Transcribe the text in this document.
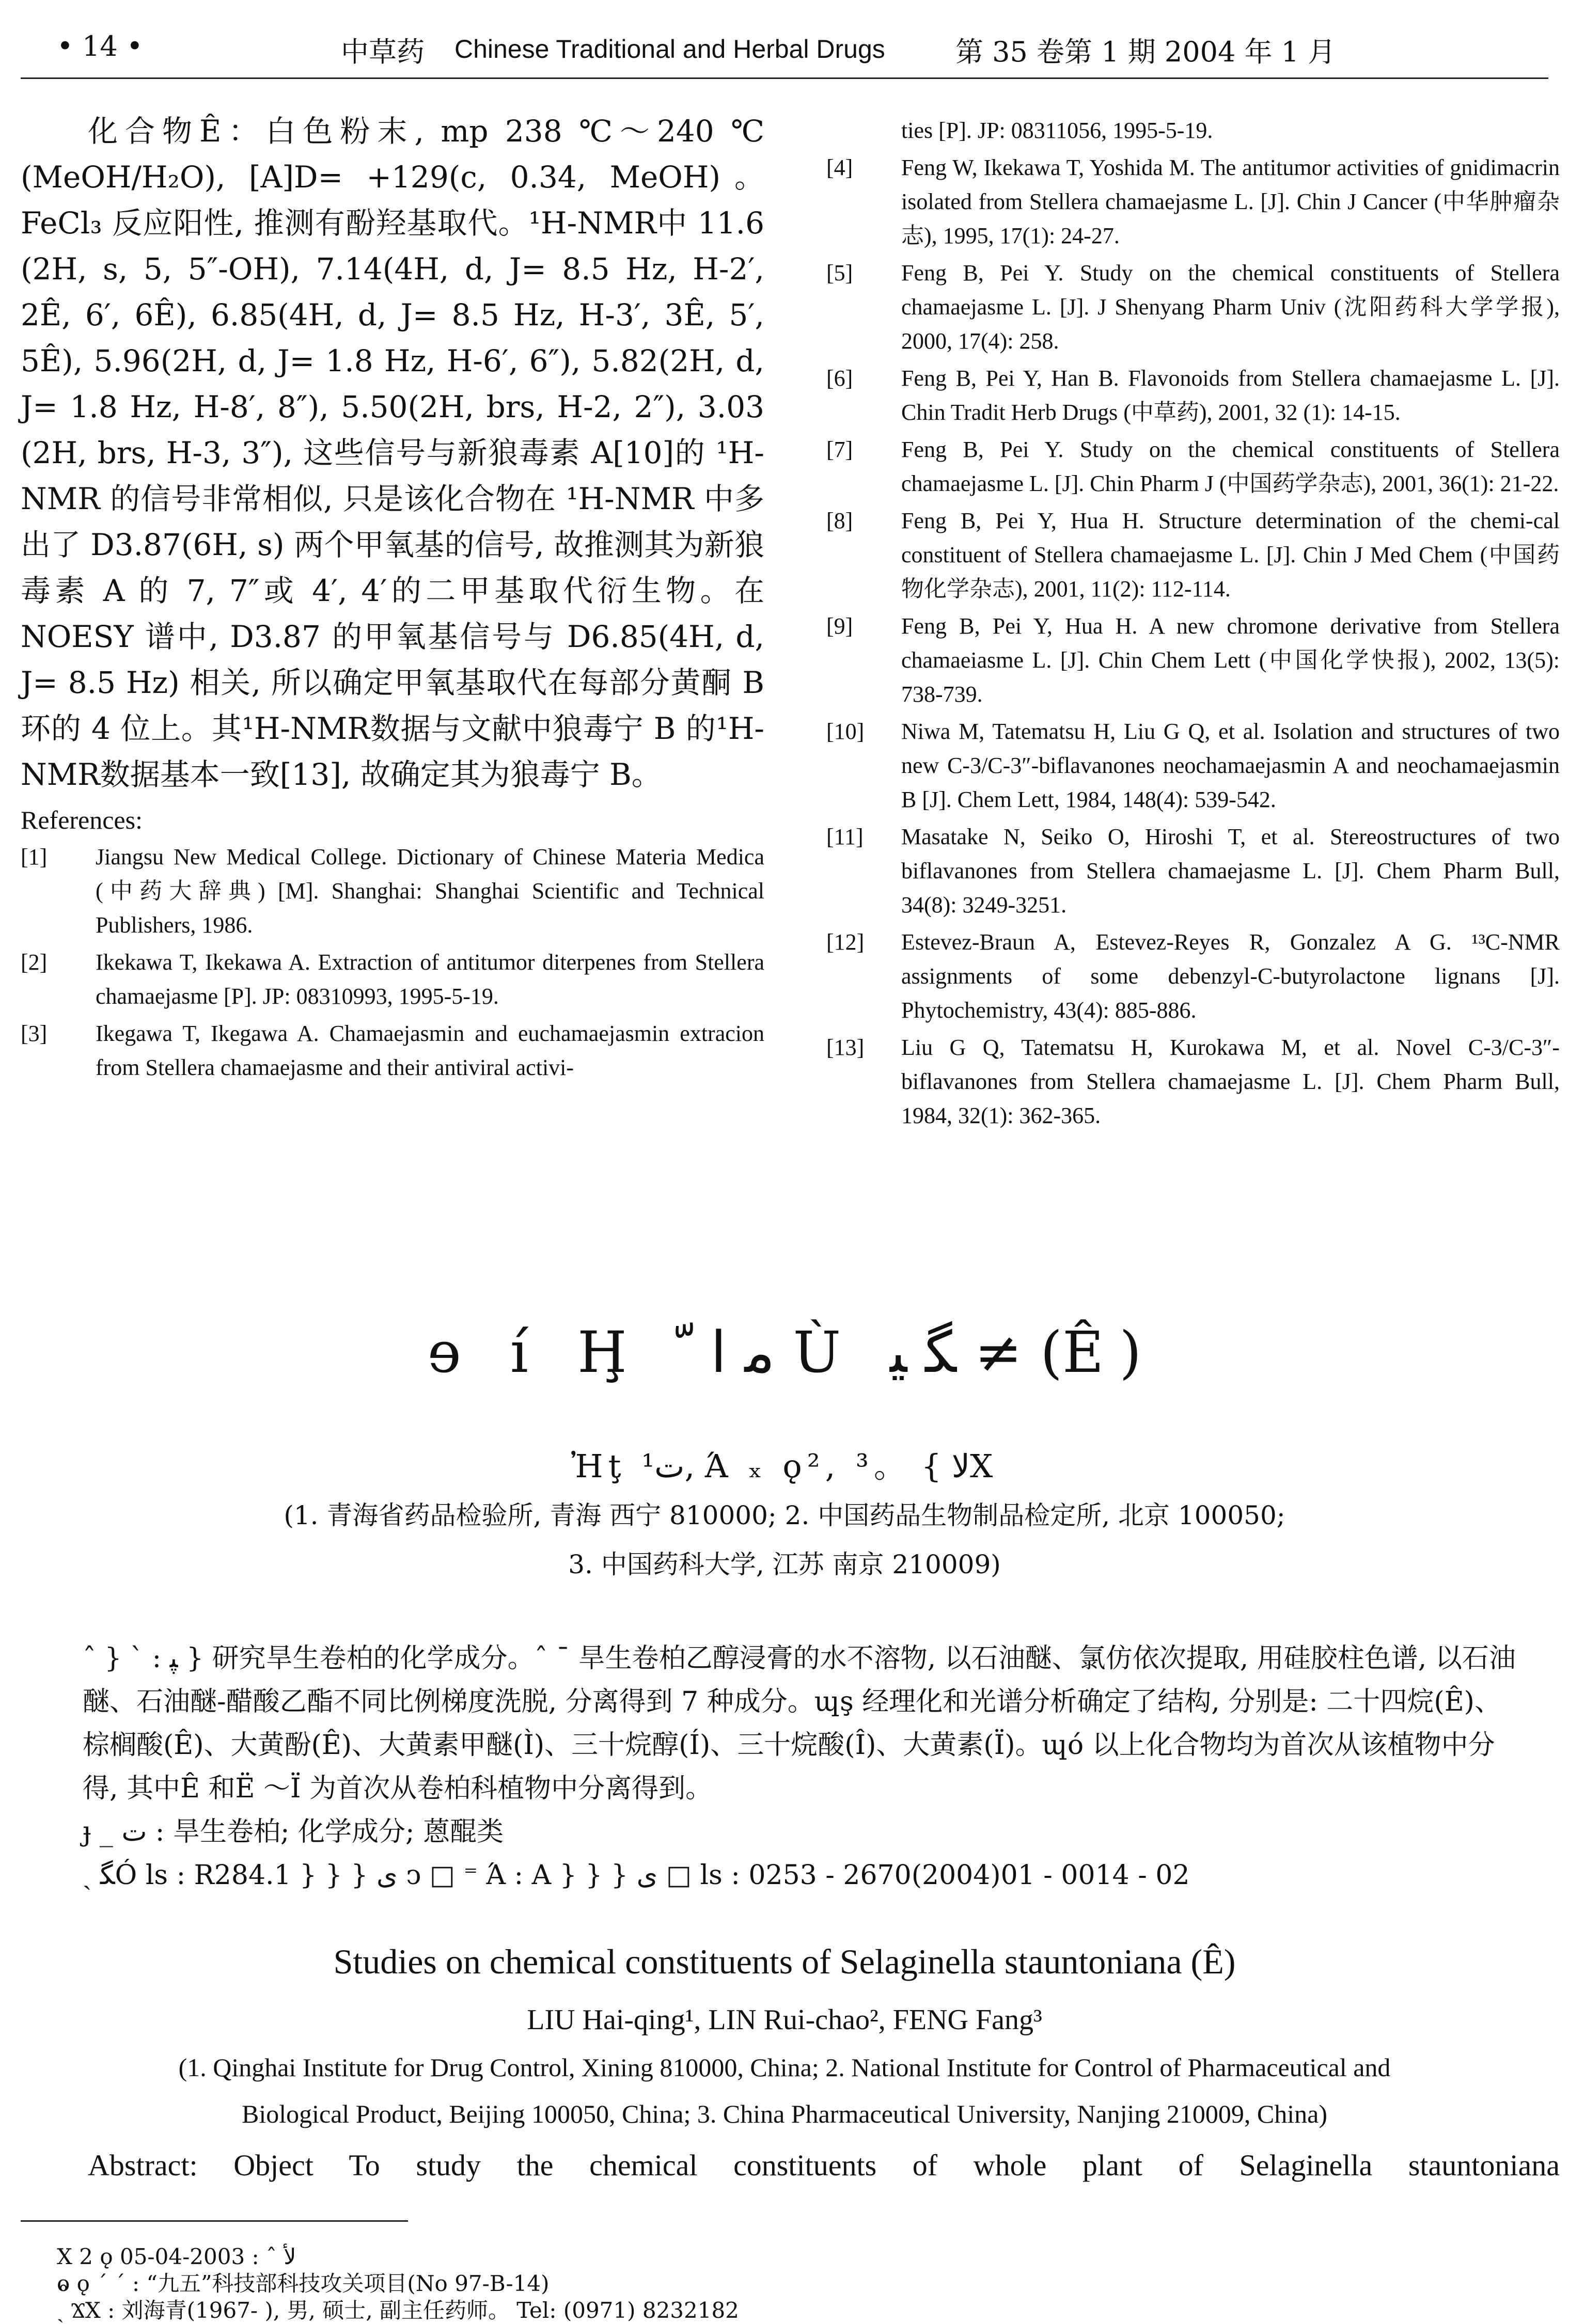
• 14 •	中草药 Chinese Traditional and Herbal Drugs	第 35 卷第 1 期 2004 年 1 月

化合物Ê：白色粉末, mp 238 ℃～240 ℃ (MeOH/H₂O), [A]D= +129(c, 0.34, MeOH)。FeCl₃ 反应阳性, 推测有酚羟基取代。¹H-NMR中 11.6 (2H, s, 5, 5″-OH), 7.14(4H, d, J= 8.5 Hz, H-2′, 2Ê, 6′, 6Ê), 6.85(4H, d, J= 8.5 Hz, H-3′, 3Ê, 5′, 5Ê), 5.96(2H, d, J= 1.8 Hz, H-6′, 6″), 5.82(2H, d, J= 1.8 Hz, H-8′, 8″), 5.50(2H, brs, H-2, 2″), 3.03 (2H, brs, H-3, 3″), 这些信号与新狼毒素 A[10]的 ¹H-NMR 的信号非常相似, 只是该化合物在 ¹H-NMR 中多出了 D3.87(6H, s) 两个甲氧基的信号, 故推测其为新狼毒素 A 的 7, 7″或 4′, 4′的二甲基取代衍生物。在 NOESY 谱中, D3.87 的甲氧基信号与 D6.85(4H, d, J= 8.5 Hz) 相关, 所以确定甲氧基取代在每部分黄酮 B 环的 4 位上。其¹H-NMR数据与文献中狼毒宁 B 的¹H-NMR数据基本一致[13], 故确定其为狼毒宁 B。

References:

[1] Jiangsu New Medical College. Dictionary of Chinese Materia Medica (中药大辞典) [M]. Shanghai: Shanghai Scientific and Technical Publishers, 1986.

[2] Ikekawa T, Ikekawa A. Extraction of antitumor diterpenes from Stellera chamaejasme [P]. JP: 08310993, 1995-5-19.

[3] Ikegawa T, Ikegawa A. Chamaejasmin and euchamaejasmin extracion from Stellera chamaejasme and their antiviral activi-

ties [P]. JP: 08311056, 1995-5-19.

[4] Feng W, Ikekawa T, Yoshida M. The antitumor activities of gnidimacrin isolated from Stellera chamaejasme L. [J]. Chin J Cancer (中华肿瘤杂志), 1995, 17(1): 24-27.

[5] Feng B, Pei Y. Study on the chemical constituents of Stellera chamaejasme L. [J]. J Shenyang Pharm Univ (沈阳药科大学学报), 2000, 17(4): 258.

[6] Feng B, Pei Y, Han B. Flavonoids from Stellera chamaejasme L. [J]. Chin Tradit Herb Drugs (中草药), 2001, 32 (1): 14-15.

[7] Feng B, Pei Y. Study on the chemical constituents of Stellera chamaejasme L. [J]. Chin Pharm J (中国药学杂志), 2001, 36(1): 21-22.

[8] Feng B, Pei Y, Hua H. Structure determination of the chemi-cal constituent of Stellera chamaejasme L. [J]. Chin J Med Chem (中国药物化学杂志), 2001, 11(2): 112-114.

[9] Feng B, Pei Y, Hua H. A new chromone derivative from Stellera chamaeiasme L. [J]. Chin Chem Lett (中国化学快报), 2002, 13(5): 738-739.

[10] Niwa M, Tatematsu H, Liu G Q, et al. Isolation and structures of two new C-3/C-3″-biflavanones neochamaejasmin A and neochamaejasmin B [J]. Chem Lett, 1984, 148(4): 539-542.

[11] Masatake N, Seiko O, Hiroshi T, et al. Stereostructures of two biflavanones from Stellera chamaejasme L. [J]. Chem Pharm Bull, 34(8): 3249-3251.

[12] Estevez-Braun A, Estevez-Reyes R, Gonzalez A G. ¹³C-NMR assignments of some debenzyl-C-butyrolactone lignans [J]. Phytochemistry, 43(4): 885-886.

[13] Liu G Q, Tatematsu H, Kurokawa M, et al. Novel C-3/C-3″-biflavanones from Stellera chamaejasme L. [J]. Chem Pharm Bull, 1984, 32(1): 362-365.

ɘ í Ḩ ﻣ ا ﹼ Ù ﮕ ﻴ ≠ (Ê)
Ἠţ ﺕ¹, Ά ₓ ǫ², ﻻ } 。³X
(1. 青海省药品检验所, 青海 西宁 810000; 2. 中国药品生物制品检定所, 北京 100050;
3. 中国药科大学, 江苏 南京 210009)

ˆ } ˋ : ﭙ } 研究旱生卷柏的化学成分。ˆ ˉ 旱生卷柏乙醇浸膏的水不溶物, 以石油醚、氯仿依次提取, 用硅胶柱色谱, 以石油醚、石油醚-醋酸乙酯不同比例梯度洗脱, 分离得到 7 种成分。ɰş 经理化和光谱分析确定了结构, 分别是: 二十四烷(Ê)、棕榈酸(Ê)、大黄酚(Ê)、大黄素甲醚(Ì)、三十烷醇(Í)、三十烷酸(Î)、大黄素(Ï)。ɰó 以上化合物均为首次从该植物中分得, 其中Ê 和Ë ～Ï 为首次从卷柏科植物中分离得到。

ɟ _ ﺕ : 旱生卷柏; 化学成分; 蒽醌类

ˎ ﮕÓ ls : R284.1 } } } ﻯ ↄ □ ⁼ Ά : A } } } ﻯ □ ls : 0253 - 2670(2004)01 - 0014 - 02

Studies on chemical constituents of Selaginella stauntoniana (Ê)
LIU Hai-qing¹, LIN Rui-chao², FENG Fang³
(1. Qinghai Institute for Drug Control, Xining 810000, China; 2. National Institute for Control of Pharmaceutical and
Biological Product, Beijing 100050, China; 3. China Pharmaceutical University, Nanjing 210009, China)
Abstract: Object To study the chemical constituents of whole plant of Selaginella stauntoniana
X 2 ǫ ﻷ ˆ : 2003-04-05
ⱺ ǫ ˊ ˊ : “九五”科技部科技攻关项目(No 97-B-14)
ˏ ϪX : 刘海青(1967- ), 男, 硕士, 副主任药师。 Tel: (0971) 8232182
